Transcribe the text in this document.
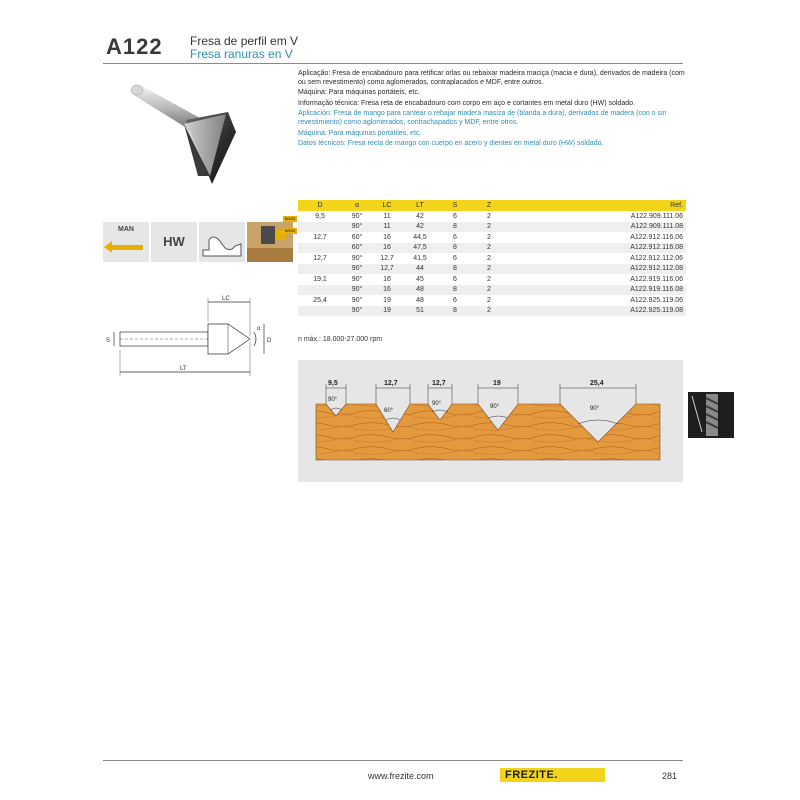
A122 Fresa de perfil em V
Fresa ranuras en V
MAN
HW

Aplicação: Fresa de encabadouro para retificar orlas ou rebaixar madeira maciça (macia e dura), derivados de madeira (com ou sem revestimento) como aglomerados, contraplacados e MDF, entre outros.

Máquina: Para máquinas portáteis, etc.

Informação técnica: Fresa reta de encabadouro com corpo em aço e cortantes em metal duro (HW) soldado.

Aplicación: Fresa de mango para cantear o rebajar madera masiza de (blanda a dura), derivados de madera (con o sin revestimiento) como aglomerados, contrachapados y MDF, entre otros.

Máquina: Para máquinas portátiles, etc.

Datos técnicos: Fresa recta de mango con cuerpo en acero y dientes en metal duro (HW) soldado.

NOVO
NOVO
D	α	LC	LT	S	Z	Ref.
9,5	90°	11	42	6	2	A122.909.111.06
	90°	11	42	8	2	A122.909.111.08
12,7	60°	16	44,5	6	2	A122.912.116.06
	60°	16	47,5	8	2	A122.912.116.08
12,7	90°	12,7	41,5	6	2	A122.912.112.06
	90°	12,7	44	8	2	A122.912.112.08
19,1	90°	16	45	6	2	A122.919.116.06
	90°	16	48	8	2	A122.919.116.08
25,4	90°	19	48	6	2	A122.925.119.06
	90°	19	51	8	2	A122.925.119.08
n máx.: 18.000-27.000 rpm
LC
LT
S	D
α
9,5	12,7	12,7	19	25,4
90°
60°
90°	90°	90°
www.frezite.com	FREZITE.	281
